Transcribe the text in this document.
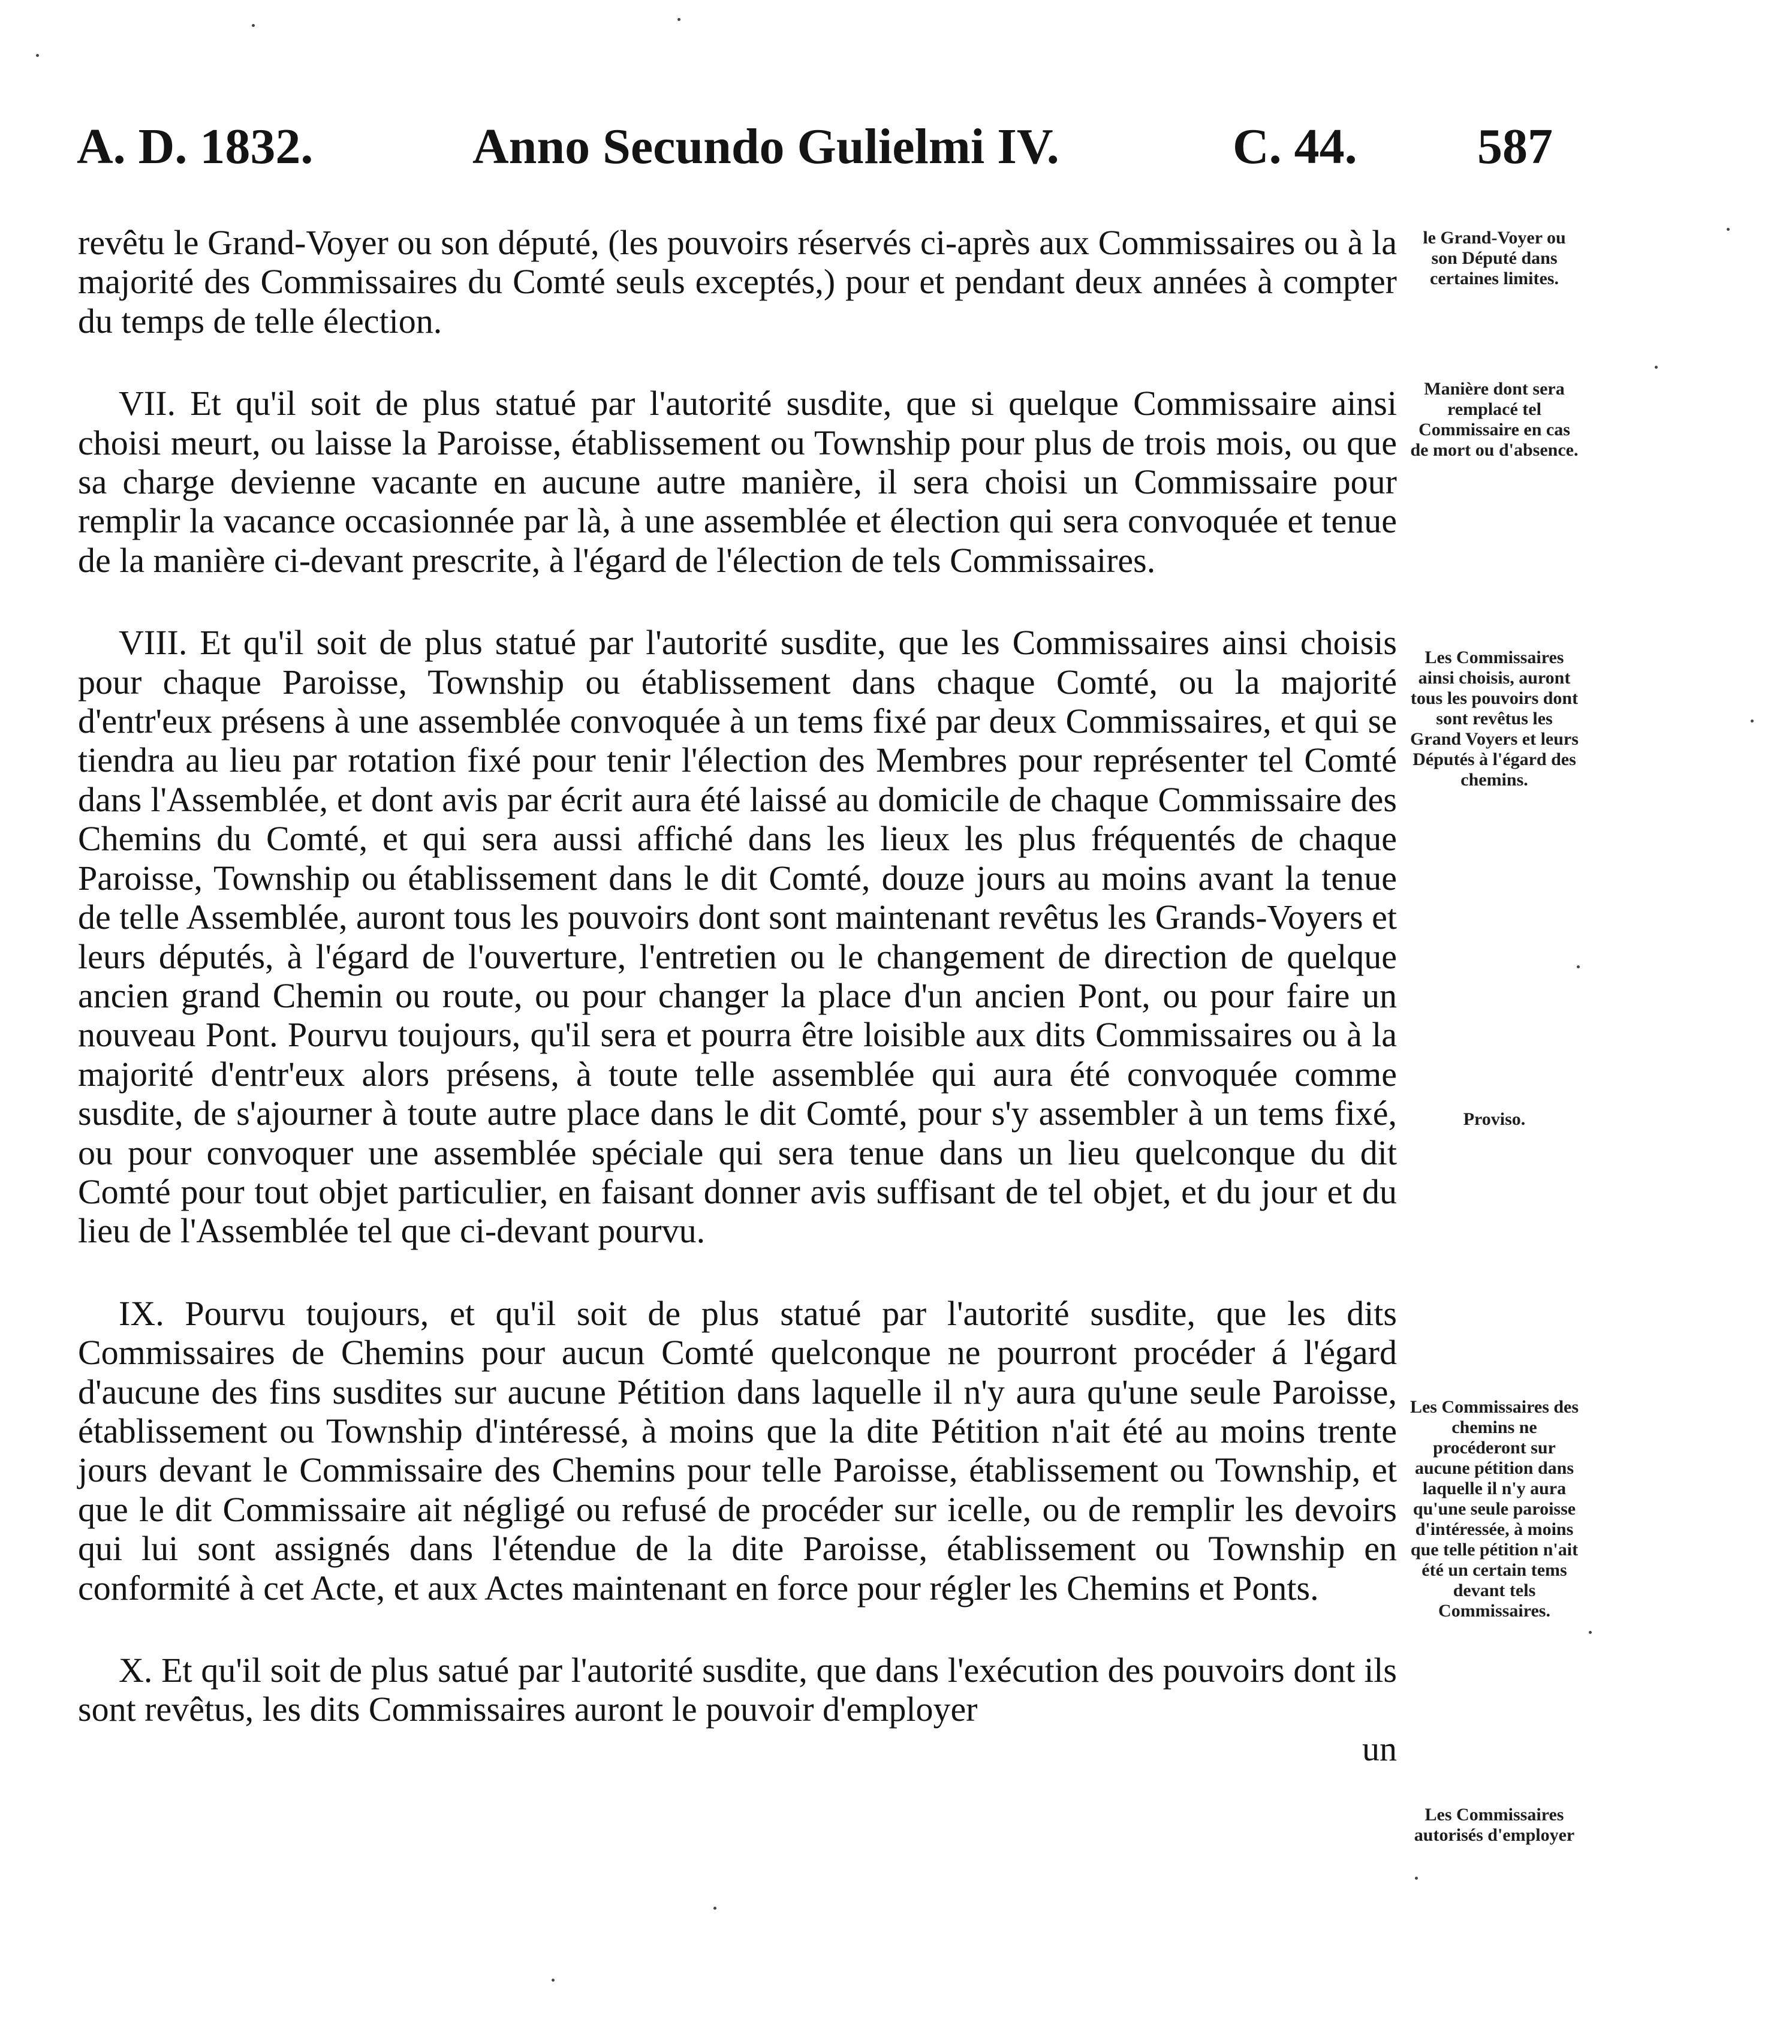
A. D. 1832.	Anno Secundo Gulielmi IV.	C. 44. 587

revêtu le Grand-Voyer ou son député, (les pouvoirs réservés ci-après aux Commissaires ou à la majorité des Commissaires du Comté seuls exceptés,) pour et pendant deux années à compter du temps de telle élection.

VII. Et qu'il soit de plus statué par l'autorité susdite, que si quelque Commissaire ainsi choisi meurt, ou laisse la Paroisse, établissement ou Township pour plus de trois mois, ou que sa charge devienne vacante en aucune autre manière, il sera choisi un Commissaire pour remplir la vacance occasionnée par là, à une assemblée et élection qui sera convoquée et tenue de la manière ci-devant prescrite, à l'égard de l'élection de tels Commissaires.

VIII. Et qu'il soit de plus statué par l'autorité susdite, que les Commissaires ainsi choisis pour chaque Paroisse, Township ou établissement dans chaque Comté, ou la majorité d'entr'eux présens à une assemblée convoquée à un tems fixé par deux Commissaires, et qui se tiendra au lieu par rotation fixé pour tenir l'élection des Membres pour représenter tel Comté dans l'Assemblée, et dont avis par écrit aura été laissé au domicile de chaque Commissaire des Chemins du Comté, et qui sera aussi affiché dans les lieux les plus fréquentés de chaque Paroisse, Township ou établissement dans le dit Comté, douze jours au moins avant la tenue de telle Assemblée, auront tous les pouvoirs dont sont maintenant revêtus les Grands-Voyers et leurs députés, à l'égard de l'ouverture, l'entretien ou le changement de direction de quelque ancien grand Chemin ou route, ou pour changer la place d'un ancien Pont, ou pour faire un nouveau Pont. Pourvu toujours, qu'il sera et pourra être loisible aux dits Commissaires ou à la majorité d'entr'eux alors présens, à toute telle assemblée qui aura été convoquée comme susdite, de s'ajourner à toute autre place dans le dit Comté, pour s'y assembler à un tems fixé, ou pour convoquer une assemblée spéciale qui sera tenue dans un lieu quelconque du dit Comté pour tout objet particulier, en faisant donner avis suffisant de tel objet, et du jour et du lieu de l'Assemblée tel que ci-devant pourvu.

IX. Pourvu toujours, et qu'il soit de plus statué par l'autorité susdite, que les dits Commissaires de Chemins pour aucun Comté quelconque ne pourront procéder á l'égard d'aucune des fins susdites sur aucune Pétition dans laquelle il n'y aura qu'une seule Paroisse, établissement ou Township d'intéressé, à moins que la dite Pétition n'ait été au moins trente jours devant le Commissaire des Chemins pour telle Paroisse, établissement ou Township, et que le dit Commissaire ait négligé ou refusé de procéder sur icelle, ou de remplir les devoirs qui lui sont assignés dans l'étendue de la dite Paroisse, établissement ou Township en conformité à cet Acte, et aux Actes maintenant en force pour régler les Chemins et Ponts.

X. Et qu'il soit de plus satué par l'autorité susdite, que dans l'exécution des pouvoirs dont ils sont revêtus, les dits Commissaires auront le pouvoir d'employer

un

le Grand-Voyer ou son Député dans certaines limites.
Manière dont sera remplacé tel Commissaire en cas de mort ou d'absence.
Les Commissaires ainsi choisis, auront tous les pouvoirs dont sont revêtus les Grand Voyers et leurs Députés à l'égard des chemins.
Proviso.
Les Commissaires des chemins ne procéderont sur aucune pétition dans laquelle il n'y aura qu'une seule paroisse d'intéressée, à moins que telle pétition n'ait été un certain tems devant tels Commissaires.
Les Commissaires autorisés d'employer
